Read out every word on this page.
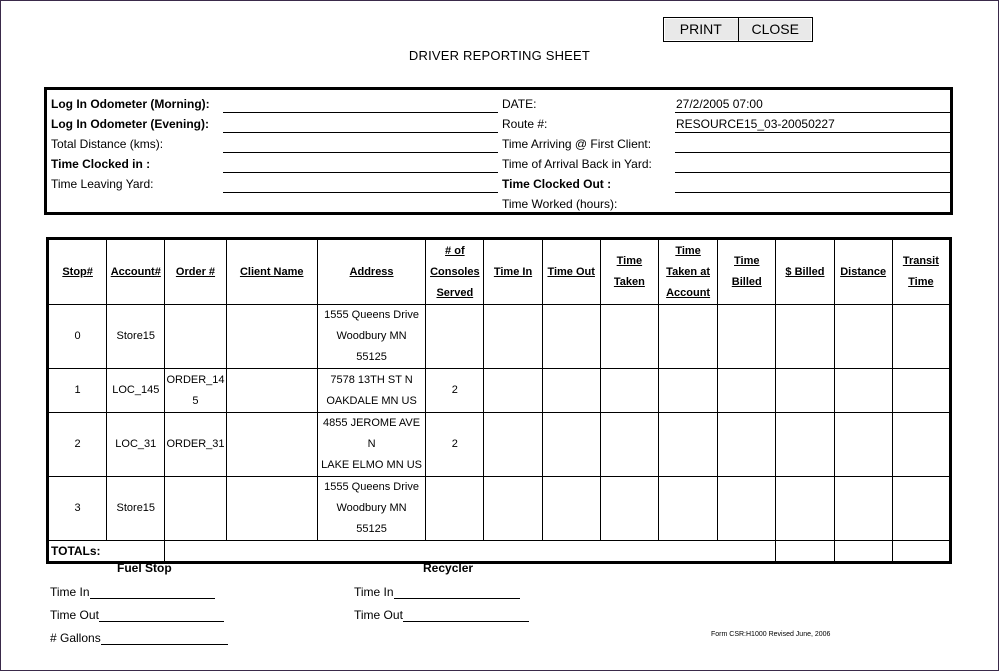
PRINT	CLOSE
DRIVER REPORTING SHEET
Log In Odometer (Morning):
Log In Odometer (Evening):
Total Distance (kms):
Time Clocked in :
Time Leaving Yard:
DATE:	27/2/2005 07:00
Route #:	RESOURCE15_03-20050227
Time Arriving @ First Client:
Time of Arrival Back in Yard:
Time Clocked Out :
Time Worked (hours):
Stop#	Account#	Order #	Client Name	Address	# of Consoles Served	Time In	Time Out	Time Taken	Time Taken at Account	Time Billed	$ Billed	Distance	Transit Time
0	Store15			1555 Queens Drive
Woodbury MN
55125									

1	LOC_145	ORDER_145		7578 13TH ST N
OAKDALE MN US	2								
2	LOC_31	ORDER_31		4855 JEROME AVE N
LAKE ELMO MN US	2								
3	Store15			1555 Queens Drive
Woodbury MN
55125									

TOTALs:													
Fuel Stop
Time In
Time Out
# Gallons
Recycler
Time In
Time Out
Form CSR:H1000 Revised June, 2006
